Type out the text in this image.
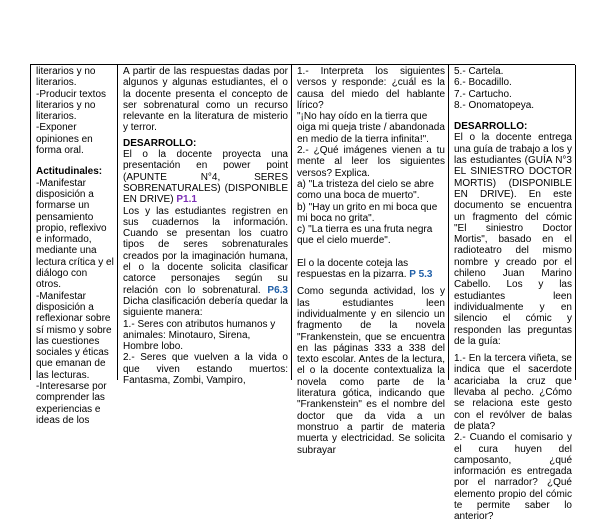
literarios y no literarios.

-Producir textos literarios y no literarios.

-Exponer opiniones en forma oral.

Actitudinales:

-Manifestar disposición a formarse un pensamiento propio, reflexivo e informado, mediante una lectura crítica y el diálogo con otros.

-Manifestar disposición a reflexionar sobre sí mismo y sobre las cuestiones sociales y éticas que emanan de las lecturas.

-Interesarse por comprender las experiencias e ideas de los

A partir de las respuestas dadas por algunos y algunas estudiantes, el o la docente presenta el concepto de ser sobrenatural como un recurso relevante en la literatura de misterio y terror.

DESARROLLO:

El o la docente proyecta una presentación en power point (APUNTE N°4, SERES SOBRENATURALES) (DISPONIBLE EN DRIVE) P1.1

Los y las estudiantes registren en sus cuadernos la información. Cuando se presentan los cuatro tipos de seres sobrenaturales creados por la imaginación humana, el o la docente solicita clasificar catorce personajes según su relación con lo sobrenatural. P6.3 Dicha clasificación debería quedar la siguiente manera:

1.- Seres con atributos humanos y animales: Minotauro, Sirena, Hombre lobo.

2.- Seres que vuelven a la vida o que viven estando muertos: Fantasma, Zombi, Vampiro,

1.- Interpreta los siguientes versos y responde: ¿cuál es la causa del miedo del hablante lírico?

"¡No hay oído en la tierra que oiga mi queja triste / abandonada en medio de la tierra infinita!".

2.- ¿Qué imágenes vienen a tu mente al leer los siguientes versos? Explica.

a) "La tristeza del cielo se abre como una boca de muerto".

b) "Hay un grito en mi boca que mi boca no grita".

c) "La tierra es una fruta negra que el cielo muerde".

El o la docente coteja las respuestas en la pizarra. P 5.3

Como segunda actividad, los y las estudiantes leen individualmente y en silencio un fragmento de la novela "Frankenstein, que se encuentra en las páginas 333 a 338 del texto escolar. Antes de la lectura, el o la docente contextualiza la novela como parte de la literatura gótica, indicando que "Frankenstein" es el nombre del doctor que da vida a un monstruo a partir de materia muerta y electricidad. Se solicita subrayar

5.- Cartela.

6.- Bocadillo.

7.- Cartucho.

8.- Onomatopeya.

DESARROLLO:

El o la docente entrega una guía de trabajo a los y las estudiantes (GUÍA N°3 EL SINIESTRO DOCTOR MORTIS) (DISPONIBLE EN DRIVE). En este documento se encuentra un fragmento del cómic "El siniestro Doctor Mortis", basado en el radioteatro del mismo nombre y creado por el chileno Juan Marino Cabello. Los y las estudiantes leen individualmente y en silencio el cómic y responden las preguntas de la guía:

1.- En la tercera viñeta, se indica que el sacerdote acariciaba la cruz que llevaba al pecho. ¿Cómo se relaciona este gesto con el revólver de balas de plata?

2.- Cuando el comisario y el cura huyen del camposanto, ¿qué información es entregada por el narrador? ¿Qué elemento propio del cómic te permite saber lo anterior?
